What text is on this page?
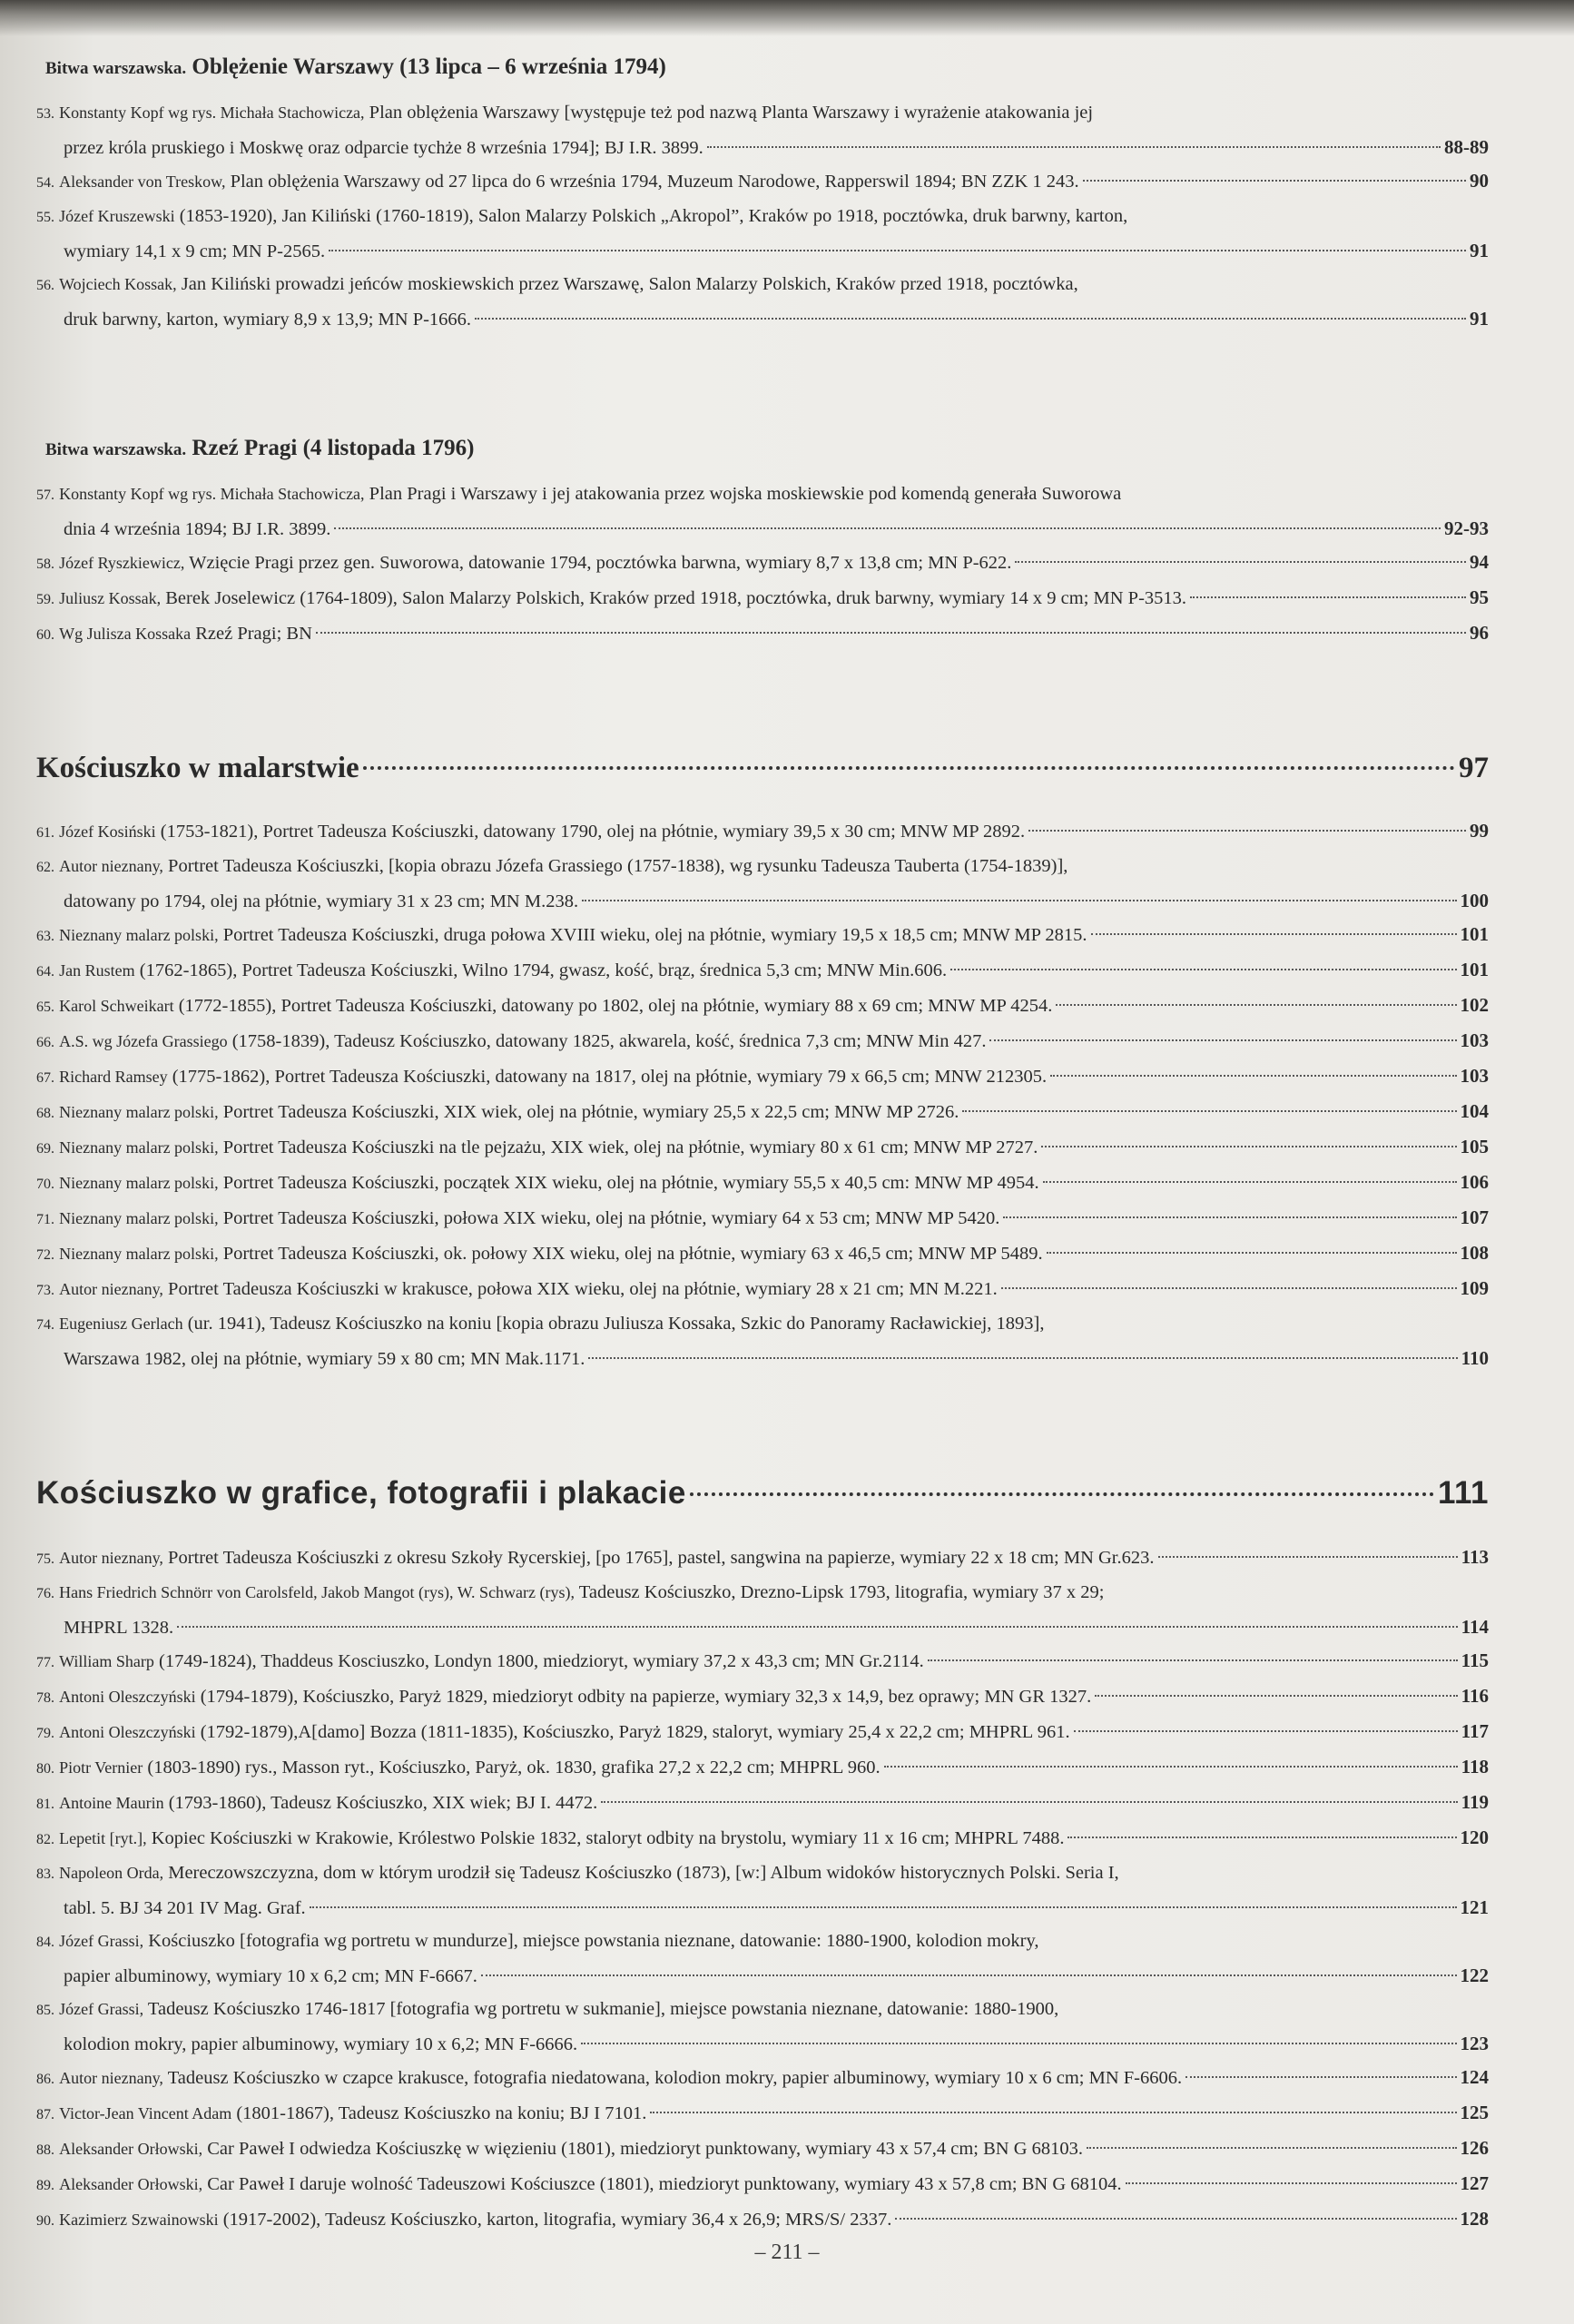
Bitwa warszawska. Oblężenie Warszawy (13 lipca – 6 września 1794)
53. Konstanty Kopf wg rys. Michała Stachowicza, Plan oblężenia Warszawy [występuje też pod nazwą Planta Warszawy i wyrażenie atakowania jej
przez króla pruskiego i Moskwę oraz odparcie tychże 8 września 1794]; BJ I.R. 3899.	88-89
54. Aleksander von Treskow, Plan oblężenia Warszawy od 27 lipca do 6 września 1794, Muzeum Narodowe, Rapperswil 1894; BN ZZK 1 243.	90
55. Józef Kruszewski (1853-1920), Jan Kiliński (1760-1819), Salon Malarzy Polskich „Akropol”, Kraków po 1918, pocztówka, druk barwny, karton,
wymiary 14,1 x 9 cm; MN P-2565.	91
56. Wojciech Kossak, Jan Kiliński prowadzi jeńców moskiewskich przez Warszawę, Salon Malarzy Polskich, Kraków przed 1918, pocztówka,
druk barwny, karton, wymiary 8,9 x 13,9; MN P-1666.	91
Bitwa warszawska. Rzeź Pragi (4 listopada 1796)
57. Konstanty Kopf wg rys. Michała Stachowicza, Plan Pragi i Warszawy i jej atakowania przez wojska moskiewskie pod komendą generała Suworowa
dnia 4 września 1894; BJ I.R. 3899.	92-93
58. Józef Ryszkiewicz, Wzięcie Pragi przez gen. Suworowa, datowanie 1794, pocztówka barwna, wymiary 8,7 x 13,8 cm; MN P-622.	94
59. Juliusz Kossak, Berek Joselewicz (1764-1809), Salon Malarzy Polskich, Kraków przed 1918, pocztówka, druk barwny, wymiary 14 x 9 cm; MN P-3513.	95
60. Wg Julisza Kossaka Rzeź Pragi; BN	96
Kościuszko w malarstwie	97
61. Józef Kosiński (1753-1821), Portret Tadeusza Kościuszki, datowany 1790, olej na płótnie, wymiary 39,5 x 30 cm; MNW MP 2892.	99
62. Autor nieznany, Portret Tadeusza Kościuszki, [kopia obrazu Józefa Grassiego (1757-1838), wg rysunku Tadeusza Tauberta (1754-1839)],
datowany po 1794, olej na płótnie, wymiary 31 x 23 cm; MN M.238.	100
63. Nieznany malarz polski, Portret Tadeusza Kościuszki, druga połowa XVIII wieku, olej na płótnie, wymiary 19,5 x 18,5 cm; MNW MP 2815.	101
64. Jan Rustem (1762-1865), Portret Tadeusza Kościuszki, Wilno 1794, gwasz, kość, brąz, średnica 5,3 cm; MNW Min.606.	101
65. Karol Schweikart (1772-1855), Portret Tadeusza Kościuszki, datowany po 1802, olej na płótnie, wymiary 88 x 69 cm; MNW MP 4254.	102
66. A.S. wg Józefa Grassiego (1758-1839), Tadeusz Kościuszko, datowany 1825, akwarela, kość, średnica 7,3 cm; MNW Min 427.	103
67. Richard Ramsey (1775-1862), Portret Tadeusza Kościuszki, datowany na 1817, olej na płótnie, wymiary 79 x 66,5 cm; MNW 212305.	103
68. Nieznany malarz polski, Portret Tadeusza Kościuszki, XIX wiek, olej na płótnie, wymiary 25,5 x 22,5 cm; MNW MP 2726.	104
69. Nieznany malarz polski, Portret Tadeusza Kościuszki na tle pejzażu, XIX wiek, olej na płótnie, wymiary 80 x 61 cm; MNW MP 2727.	105
70. Nieznany malarz polski, Portret Tadeusza Kościuszki, początek XIX wieku, olej na płótnie, wymiary 55,5 x 40,5 cm: MNW MP 4954.	106
71. Nieznany malarz polski, Portret Tadeusza Kościuszki, połowa XIX wieku, olej na płótnie, wymiary 64 x 53 cm; MNW MP 5420.	107
72. Nieznany malarz polski, Portret Tadeusza Kościuszki, ok. połowy XIX wieku, olej na płótnie, wymiary 63 x 46,5 cm; MNW MP 5489.	108
73. Autor nieznany, Portret Tadeusza Kościuszki w krakusce, połowa XIX wieku, olej na płótnie, wymiary 28 x 21 cm; MN M.221.	109
74. Eugeniusz Gerlach (ur. 1941), Tadeusz Kościuszko na koniu [kopia obrazu Juliusza Kossaka, Szkic do Panoramy Racławickiej, 1893],
Warszawa 1982, olej na płótnie, wymiary 59 x 80 cm; MN Mak.1171.	110
Kościuszko w grafice, fotografii i plakacie	111
75. Autor nieznany, Portret Tadeusza Kościuszki z okresu Szkoły Rycerskiej, [po 1765], pastel, sangwina na papierze, wymiary 22 x 18 cm; MN Gr.623.	113
76. Hans Friedrich Schnörr von Carolsfeld, Jakob Mangot (rys), W. Schwarz (rys), Tadeusz Kościuszko, Drezno-Lipsk 1793, litografia, wymiary 37 x 29;
MHPRL 1328.	114
77. William Sharp (1749-1824), Thaddeus Kosciuszko, Londyn 1800, miedzioryt, wymiary 37,2 x 43,3 cm; MN Gr.2114.	115
78. Antoni Oleszczyński (1794-1879), Kościuszko, Paryż 1829, miedzioryt odbity na papierze, wymiary 32,3 x 14,9, bez oprawy; MN GR 1327.	116
79. Antoni Oleszczyński (1792-1879),A[damo] Bozza (1811-1835), Kościuszko, Paryż 1829, staloryt, wymiary 25,4 x 22,2 cm; MHPRL 961.	117
80. Piotr Vernier (1803-1890) rys., Masson ryt., Kościuszko, Paryż, ok. 1830, grafika 27,2 x 22,2 cm; MHPRL 960.	118
81. Antoine Maurin (1793-1860), Tadeusz Kościuszko, XIX wiek; BJ I. 4472.	119
82. Lepetit [ryt.], Kopiec Kościuszki w Krakowie, Królestwo Polskie 1832, staloryt odbity na brystolu, wymiary 11 x 16 cm; MHPRL 7488.	120
83. Napoleon Orda, Mereczowszczyzna, dom w którym urodził się Tadeusz Kościuszko (1873), [w:] Album widoków historycznych Polski. Seria I,
tabl. 5. BJ 34 201 IV Mag. Graf.	121
84. Józef Grassi, Kościuszko [fotografia wg portretu w mundurze], miejsce powstania nieznane, datowanie: 1880-1900, kolodion mokry,
papier albuminowy, wymiary 10 x 6,2 cm; MN F-6667.	122
85. Józef Grassi, Tadeusz Kościuszko 1746-1817 [fotografia wg portretu w sukmanie], miejsce powstania nieznane, datowanie: 1880-1900,
kolodion mokry, papier albuminowy, wymiary 10 x 6,2; MN F-6666.	123
86. Autor nieznany, Tadeusz Kościuszko w czapce krakusce, fotografia niedatowana, kolodion mokry, papier albuminowy, wymiary 10 x 6 cm; MN F-6606.	124
87. Victor-Jean Vincent Adam (1801-1867), Tadeusz Kościuszko na koniu; BJ I 7101.	125
88. Aleksander Orłowski, Car Paweł I odwiedza Kościuszkę w więzieniu (1801), miedzioryt punktowany, wymiary 43 x 57,4 cm; BN G 68103.	126
89. Aleksander Orłowski, Car Paweł I daruje wolność Tadeuszowi Kościuszce (1801), miedzioryt punktowany, wymiary 43 x 57,8 cm; BN G 68104.	127
90. Kazimierz Szwainowski (1917-2002), Tadeusz Kościuszko, karton, litografia, wymiary 36,4 x 26,9; MRS/S/ 2337.	128
– 211 –
